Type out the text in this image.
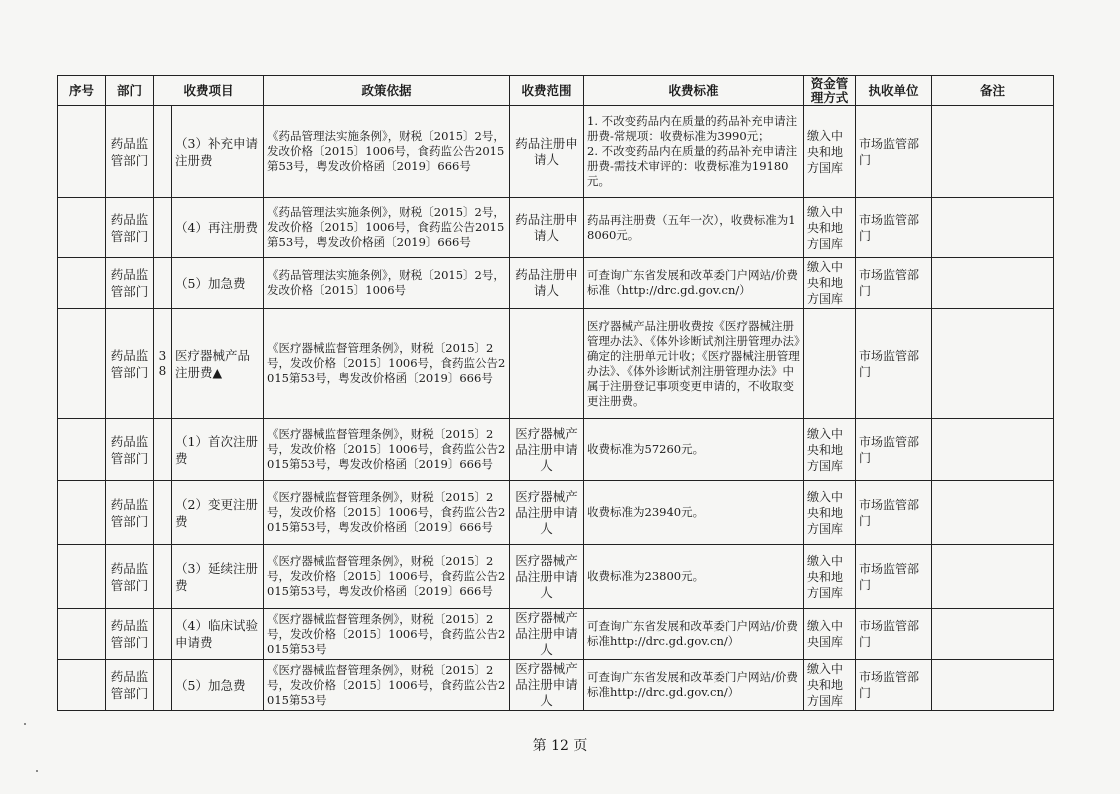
序号	部门	收费项目		政策依据	收费范围	收费标准	资金管理方式	执收单位	备注
	药品监管部门		（3）补充申请注册费	《药品管理法实施条例》，财税〔2015〕2号，发改价格〔2015〕1006号，食药监公告2015第53号，粤发改价格函〔2019〕666号	药品注册申请人	1. 不改变药品内在质量的药品补充申请注册费-常规项：收费标准为3990元；
2. 不改变药品内在质量的药品补充申请注册费-需技术审评的：收费标准为19180元。	缴入中央和地方国库	市场监管部门	
	药品监管部门		（4）再注册费	《药品管理法实施条例》，财税〔2015〕2号，发改价格〔2015〕1006号，食药监公告2015第53号，粤发改价格函〔2019〕666号	药品注册申请人	药品再注册费（五年一次），收费标准为18060元。	缴入中央和地方国库	市场监管部门	
	药品监管部门		（5）加急费	《药品管理法实施条例》，财税〔2015〕2号，发改价格〔2015〕1006号	药品注册申请人	可查询广东省发展和改革委门户网站/价费标准（http://drc.gd.gov.cn/）	缴入中央和地方国库	市场监管部门	
	药品监管部门	38	医疗器械产品注册费▲	《医疗器械监督管理条例》，财税〔2015〕2号，发改价格〔2015〕1006号，食药监公告2015第53号，粤发改价格函〔2019〕666号		医疗器械产品注册收费按《医疗器械注册管理办法》、《体外诊断试剂注册管理办法》确定的注册单元计收；《医疗器械注册管理办法》、《体外诊断试剂注册管理办法》中属于注册登记事项变更申请的，不收取变更注册费。		市场监管部门	
	药品监管部门		（1）首次注册费	《医疗器械监督管理条例》，财税〔2015〕2号，发改价格〔2015〕1006号，食药监公告2015第53号，粤发改价格函〔2019〕666号	医疗器械产品注册申请人	收费标准为57260元。	缴入中央和地方国库	市场监管部门	
	药品监管部门		（2）变更注册费	《医疗器械监督管理条例》，财税〔2015〕2号，发改价格〔2015〕1006号，食药监公告2015第53号，粤发改价格函〔2019〕666号	医疗器械产品注册申请人	收费标准为23940元。	缴入中央和地方国库	市场监管部门	
	药品监管部门		（3）延续注册费	《医疗器械监督管理条例》，财税〔2015〕2号，发改价格〔2015〕1006号，食药监公告2015第53号，粤发改价格函〔2019〕666号	医疗器械产品注册申请人	收费标准为23800元。	缴入中央和地方国库	市场监管部门	
	药品监管部门		（4）临床试验申请费	《医疗器械监督管理条例》，财税〔2015〕2号，发改价格〔2015〕1006号，食药监公告2015第53号	医疗器械产品注册申请人	可查询广东省发展和改革委门户网站/价费标准http://drc.gd.gov.cn/）	缴入中央国库	市场监管部门	
	药品监管部门		（5）加急费	《医疗器械监督管理条例》，财税〔2015〕2号，发改价格〔2015〕1006号，食药监公告2015第53号	医疗器械产品注册申请人	可查询广东省发展和改革委门户网站/价费标准http://drc.gd.gov.cn/）	缴入中央和地方国库	市场监管部门	
第 12 页
